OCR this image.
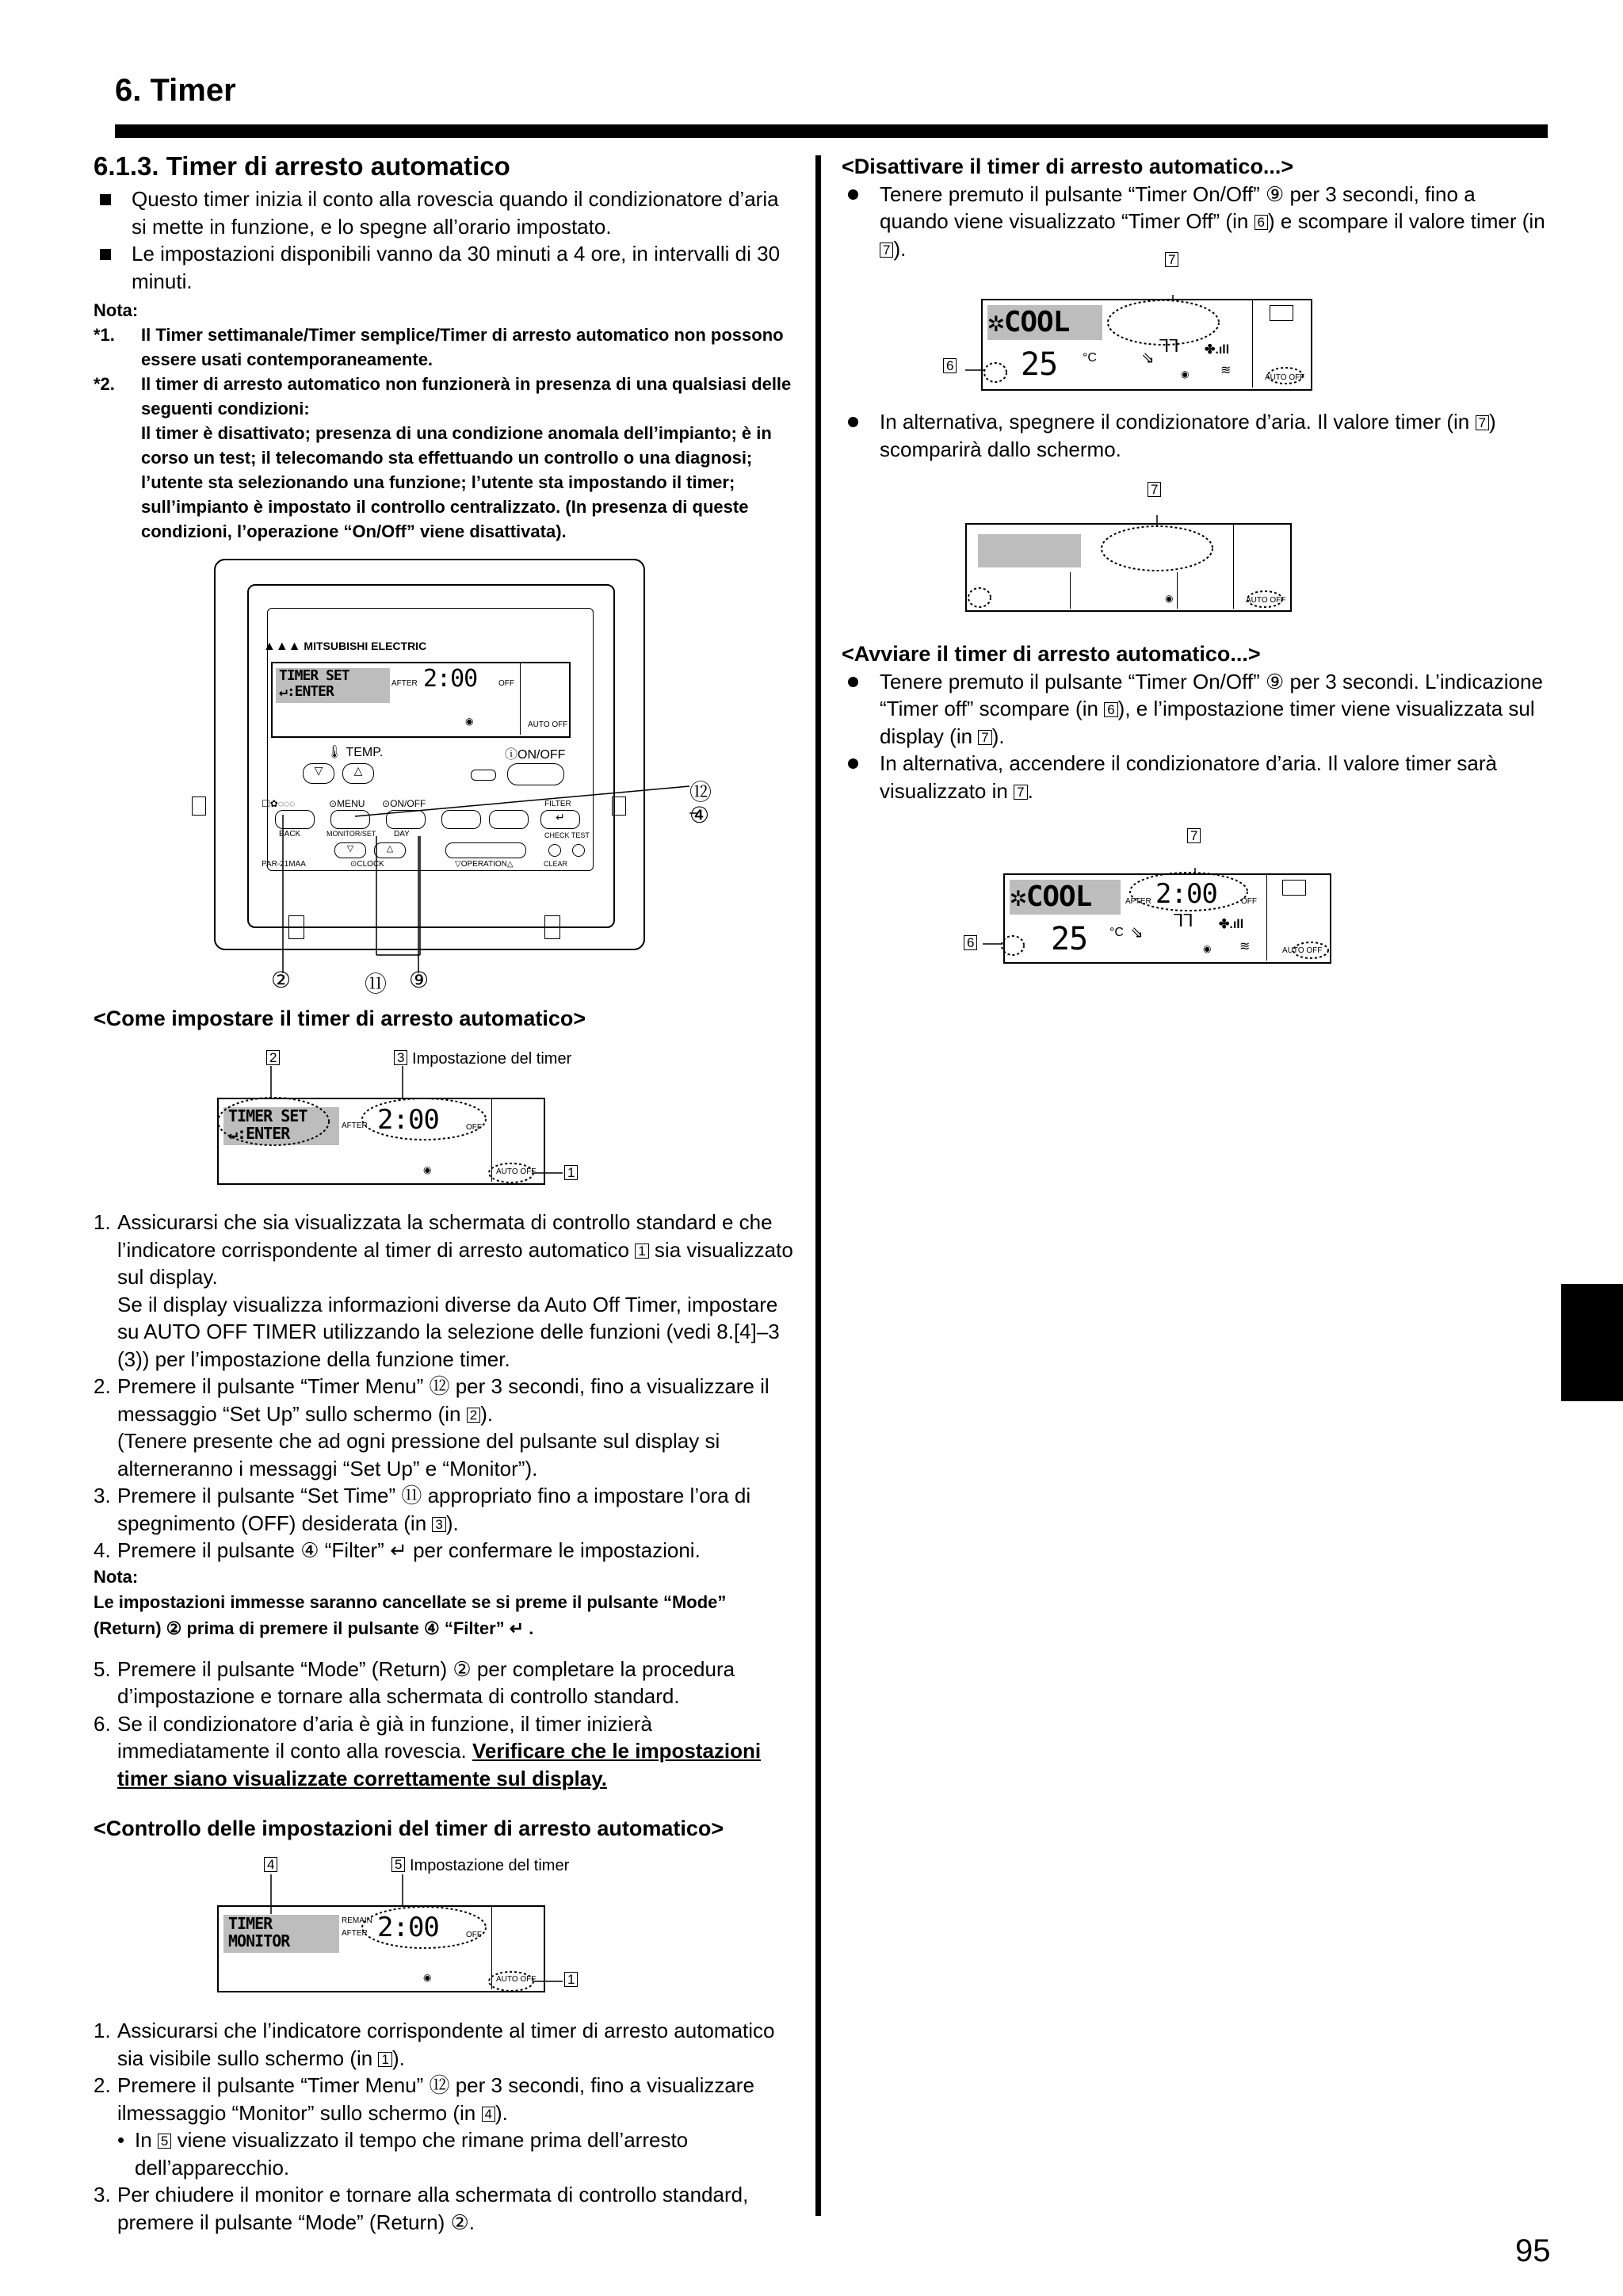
6. Timer
95

6.1.3. Timer di arresto automatico

Questo timer inizia il conto alla rovescia quando il condizionatore d’aria si mette in funzione, e lo spegne all’orario impostato.

Le impostazioni disponibili vanno da 30 minuti a 4 ore, in intervalli di 30 minuti.

Nota:

*1. Il Timer settimanale/Timer semplice/Timer di arresto automatico non possono essere usati contemporaneamente.

*2. Il timer di arresto automatico non funzionerà in presenza di una qualsiasi delle seguenti condizioni:

Il timer è disattivato; presenza di una condizione anomala dell’impianto; è in corso un test; il telecomando sta effettuando un controllo o una diagnosi; l’utente sta selezionando una funzione; l’utente sta impostando il timer; sull’impianto è impostato il controllo centralizzato. (In presenza di queste condizioni, l’operazione “On/Off” viene disattivata).

▲▲▲ MITSUBISHI ELECTRIC
TIMER SET
↵:ENTER	AFTER 2:00	OFF
AUTO OFF
◉
🌡 TEMP.	ⓘON/OFF
▽	△
☐✿◌◌◌	⊙MENU ⊙ON/OFF	FILTER
↵
BACK	MONITOR/SET DAY	CHECK TEST
▽	△
PAR-21MAA	⊙CLOCK	▽OPERATION△	CLEAR
⑫
④
②	⑪ ⑨
<Come impostare il timer di arresto automatico>
2	3 Impostazione del timer
TIMER SET
↵:ENTER	AFTER 2:00	OFF
AUTO OFF
◉	1

1. Assicurarsi che sia visualizzata la schermata di controllo standard e che l’indicatore corrispondente al timer di arresto automatico 1 sia visualizzato sul display.

Se il display visualizza informazioni diverse da Auto Off Timer, impostare su AUTO OFF TIMER utilizzando la selezione delle funzioni (vedi 8.[4]–3 (3)) per l’impostazione della funzione timer.

2. Premere il pulsante “Timer Menu” ⑫ per 3 secondi, fino a visualizzare il messaggio “Set Up” sullo schermo (in 2 ).

(Tenere presente che ad ogni pressione del pulsante sul display si alterneranno i messaggi “Set Up” e “Monitor”).

3. Premere il pulsante “Set Time” ⑪ appropriato fino a impostare l’ora di spegnimento (OFF) desiderata (in 3 ).

4. Premere il pulsante ④ “Filter” ↵ per confermare le impostazioni.

Nota:

Le impostazioni immesse saranno cancellate se si preme il pulsante “Mode” (Return) ② prima di premere il pulsante ④ “Filter” ↵ .

5. Premere il pulsante “Mode” (Return) ② per completare la procedura d’impostazione e tornare alla schermata di controllo standard.

6. Se il condizionatore d’aria è già in funzione, il timer inizierà immediatamente il conto alla rovescia. Verificare che le impostazioni timer siano visualizzate correttamente sul display.

<Controllo delle impostazioni del timer di arresto automatico>
4	5 Impostazione del timer
TIMER
MONITOR
REMAIN
AFTER 2:00	OFF
AUTO OFF
◉	1

1. Assicurarsi che l’indicatore corrispondente al timer di arresto automatico sia visibile sullo schermo (in 1 ).

2. Premere il pulsante “Timer Menu” ⑫ per 3 secondi, fino a visualizzare ilmessaggio “Monitor” sullo schermo (in 4 ).

• In 5 viene visualizzato il tempo che rimane prima dell’arresto dell’apparecchio.

3. Per chiudere il monitor e tornare alla schermata di controllo standard, premere il pulsante “Mode” (Return) ②.

<Disattivare il timer di arresto automatico...>

Tenere premuto il pulsante “Timer On/Off” ⑨ per 3 secondi, fino a quando viene visualizzato “Timer Off” (in 6 ) e scompare il valore timer (in 7 ).	7
6
✲COOL
25 °C	⇘
ᒣᒣ ✤.ıll
≋
◉	AUTO OFF

In alternativa, spegnere il condizionatore d’aria. Il valore timer (in 7 ) scomparirà dallo schermo.

7
◉	AUTO OFF

<Avviare il timer di arresto automatico...>

Tenere premuto il pulsante “Timer On/Off” ⑨ per 3 secondi. L’indicazione “Timer off” scompare (in 6 ), e l’impostazione timer viene visualizzata sul display (in 7 ).

In alternativa, accendere il condizionatore d’aria. Il valore timer sarà visualizzato in 7 .

7
6
✲COOL	AFTER 2:00	OFF
25 °C ⇘
ᒣᒣ ✤.ıll
≋
◉	AUTO OFF
